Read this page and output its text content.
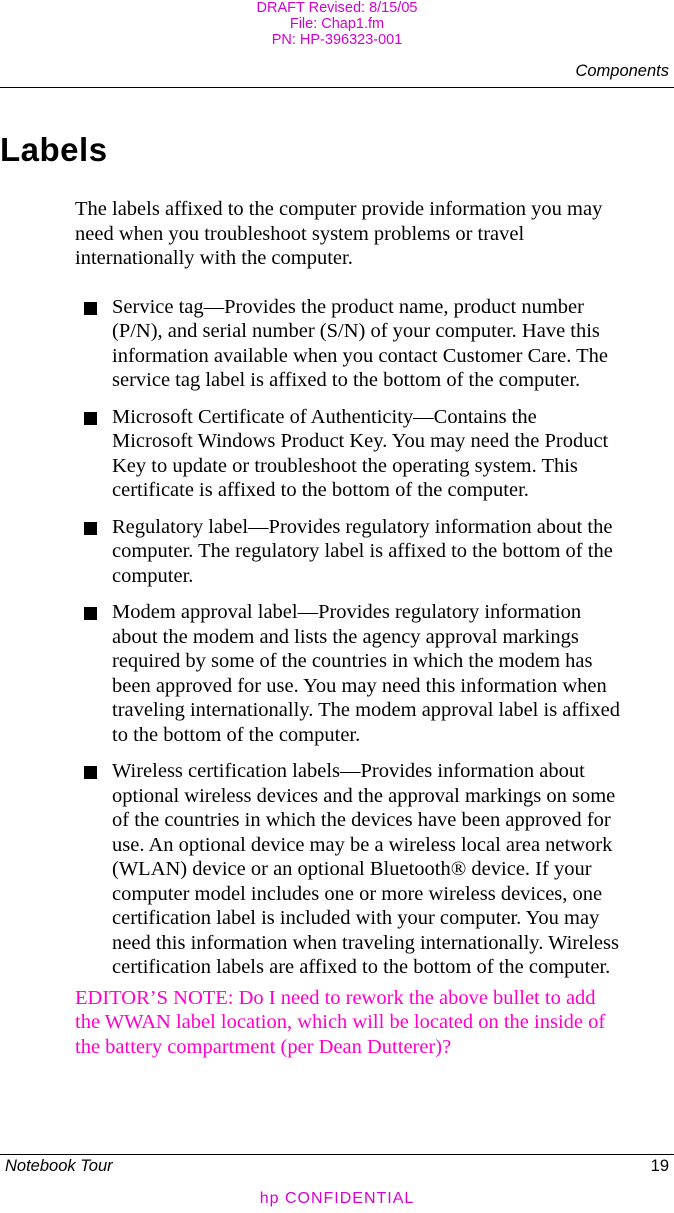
DRAFT Revised: 8/15/05
File: Chap1.fm
PN: HP-396323-001
Components
Labels

The labels affixed to the computer provide information you may

need when you troubleshoot system problems or travel

internationally with the computer.

Service tag—Provides the product name, product number
(P/N), and serial number (S/N) of your computer. Have this
information available when you contact Customer Care. The
service tag label is affixed to the bottom of the computer.
Microsoft Certificate of Authenticity—Contains the
Microsoft Windows Product Key. You may need the Product
Key to update or troubleshoot the operating system. This
certificate is affixed to the bottom of the computer.
Regulatory label—Provides regulatory information about the
computer. The regulatory label is affixed to the bottom of the
computer.
Modem approval label—Provides regulatory information
about the modem and lists the agency approval markings
required by some of the countries in which the modem has
been approved for use. You may need this information when
traveling internationally. The modem approval label is affixed
to the bottom of the computer.
Wireless certification labels—Provides information about
optional wireless devices and the approval markings on some
of the countries in which the devices have been approved for
use. An optional device may be a wireless local area network
(WLAN) device or an optional Bluetooth® device. If your
computer model includes one or more wireless devices, one
certification label is included with your computer. You may
need this information when traveling internationally. Wireless
certification labels are affixed to the bottom of the computer.
EDITOR’S NOTE: Do I need to rework the above bullet to add
the WWAN label location, which will be located on the inside of
the battery compartment (per Dean Dutterer)?
Notebook Tour	19
hp CONFIDENTIAL
